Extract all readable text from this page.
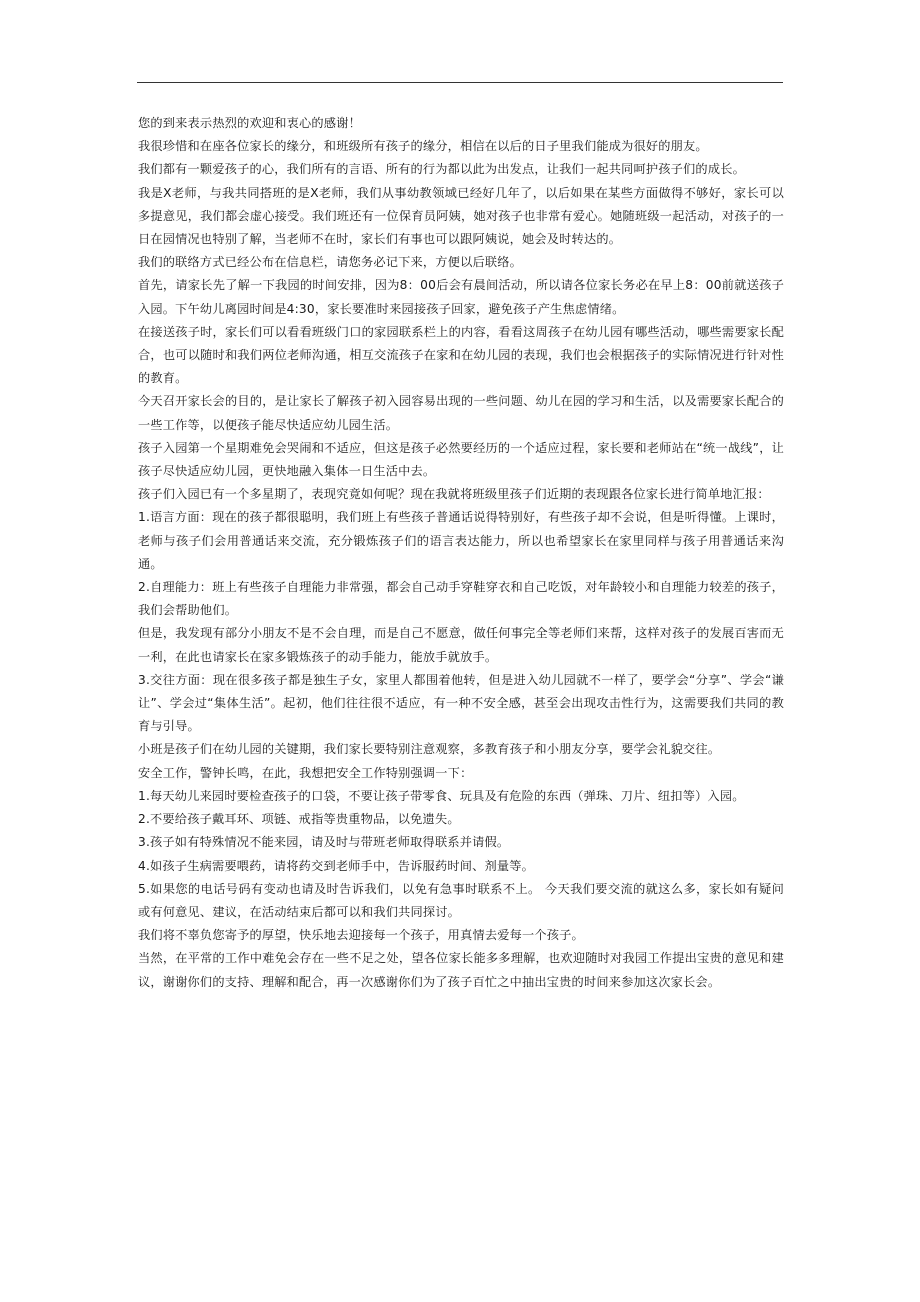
您的到来表示热烈的欢迎和衷心的感谢！

我很珍惜和在座各位家长的缘分，和班级所有孩子的缘分，相信在以后的日子里我们能成为很好的朋友。

我们都有一颗爱孩子的心，我们所有的言语、所有的行为都以此为出发点，让我们一起共同呵护孩子们的成长。

我是X老师，与我共同搭班的是X老师，我们从事幼教领域已经好几年了，以后如果在某些方面做得不够好，家长可以多提意见，我们都会虚心接受。我们班还有一位保育员阿姨，她对孩子也非常有爱心。她随班级一起活动，对孩子的一日在园情况也特别了解，当老师不在时，家长们有事也可以跟阿姨说，她会及时转达的。

我们的联络方式已经公布在信息栏，请您务必记下来，方便以后联络。

首先，请家长先了解一下我园的时间安排，因为8：00后会有晨间活动，所以请各位家长务必在早上8：00前就送孩子入园。下午幼儿离园时间是4:30，家长要准时来园接孩子回家，避免孩子产生焦虑情绪。

在接送孩子时，家长们可以看看班级门口的家园联系栏上的内容，看看这周孩子在幼儿园有哪些活动，哪些需要家长配合，也可以随时和我们两位老师沟通，相互交流孩子在家和在幼儿园的表现，我们也会根据孩子的实际情况进行针对性的教育。

今天召开家长会的目的，是让家长了解孩子初入园容易出现的一些问题、幼儿在园的学习和生活，以及需要家长配合的一些工作等，以便孩子能尽快适应幼儿园生活。

孩子入园第一个星期难免会哭闹和不适应，但这是孩子必然要经历的一个适应过程，家长要和老师站在“统一战线”，让孩子尽快适应幼儿园，更快地融入集体一日生活中去。

孩子们入园已有一个多星期了，表现究竟如何呢？现在我就将班级里孩子们近期的表现跟各位家长进行简单地汇报：

1.语言方面：现在的孩子都很聪明，我们班上有些孩子普通话说得特别好，有些孩子却不会说，但是听得懂。上课时，老师与孩子们会用普通话来交流，充分锻炼孩子们的语言表达能力，所以也希望家长在家里同样与孩子用普通话来沟通。

2.自理能力：班上有些孩子自理能力非常强，都会自己动手穿鞋穿衣和自己吃饭，对年龄较小和自理能力较差的孩子，我们会帮助他们。

但是，我发现有部分小朋友不是不会自理，而是自己不愿意，做任何事完全等老师们来帮，这样对孩子的发展百害而无一利，在此也请家长在家多锻炼孩子的动手能力，能放手就放手。

3.交往方面：现在很多孩子都是独生子女，家里人都围着他转，但是进入幼儿园就不一样了，要学会“分享”、学会“谦让”、学会过“集体生活”。起初，他们往往很不适应，有一种不安全感，甚至会出现攻击性行为，这需要我们共同的教育与引导。

小班是孩子们在幼儿园的关键期，我们家长要特别注意观察，多教育孩子和小朋友分享，要学会礼貌交往。

安全工作，警钟长鸣，在此，我想把安全工作特别强调一下：

1.每天幼儿来园时要检查孩子的口袋，不要让孩子带零食、玩具及有危险的东西（弹珠、刀片、纽扣等）入园。

2.不要给孩子戴耳环、项链、戒指等贵重物品，以免遗失。

3.孩子如有特殊情况不能来园，请及时与带班老师取得联系并请假。

4.如孩子生病需要喂药，请将药交到老师手中，告诉服药时间、剂量等。

5.如果您的电话号码有变动也请及时告诉我们，以免有急事时联系不上。 今天我们要交流的就这么多，家长如有疑问或有何意见、建议，在活动结束后都可以和我们共同探讨。

我们将不辜负您寄予的厚望，快乐地去迎接每一个孩子，用真情去爱每一个孩子。

当然，在平常的工作中难免会存在一些不足之处，望各位家长能多多理解，也欢迎随时对我园工作提出宝贵的意见和建议，谢谢你们的支持、理解和配合，再一次感谢你们为了孩子百忙之中抽出宝贵的时间来参加这次家长会。
